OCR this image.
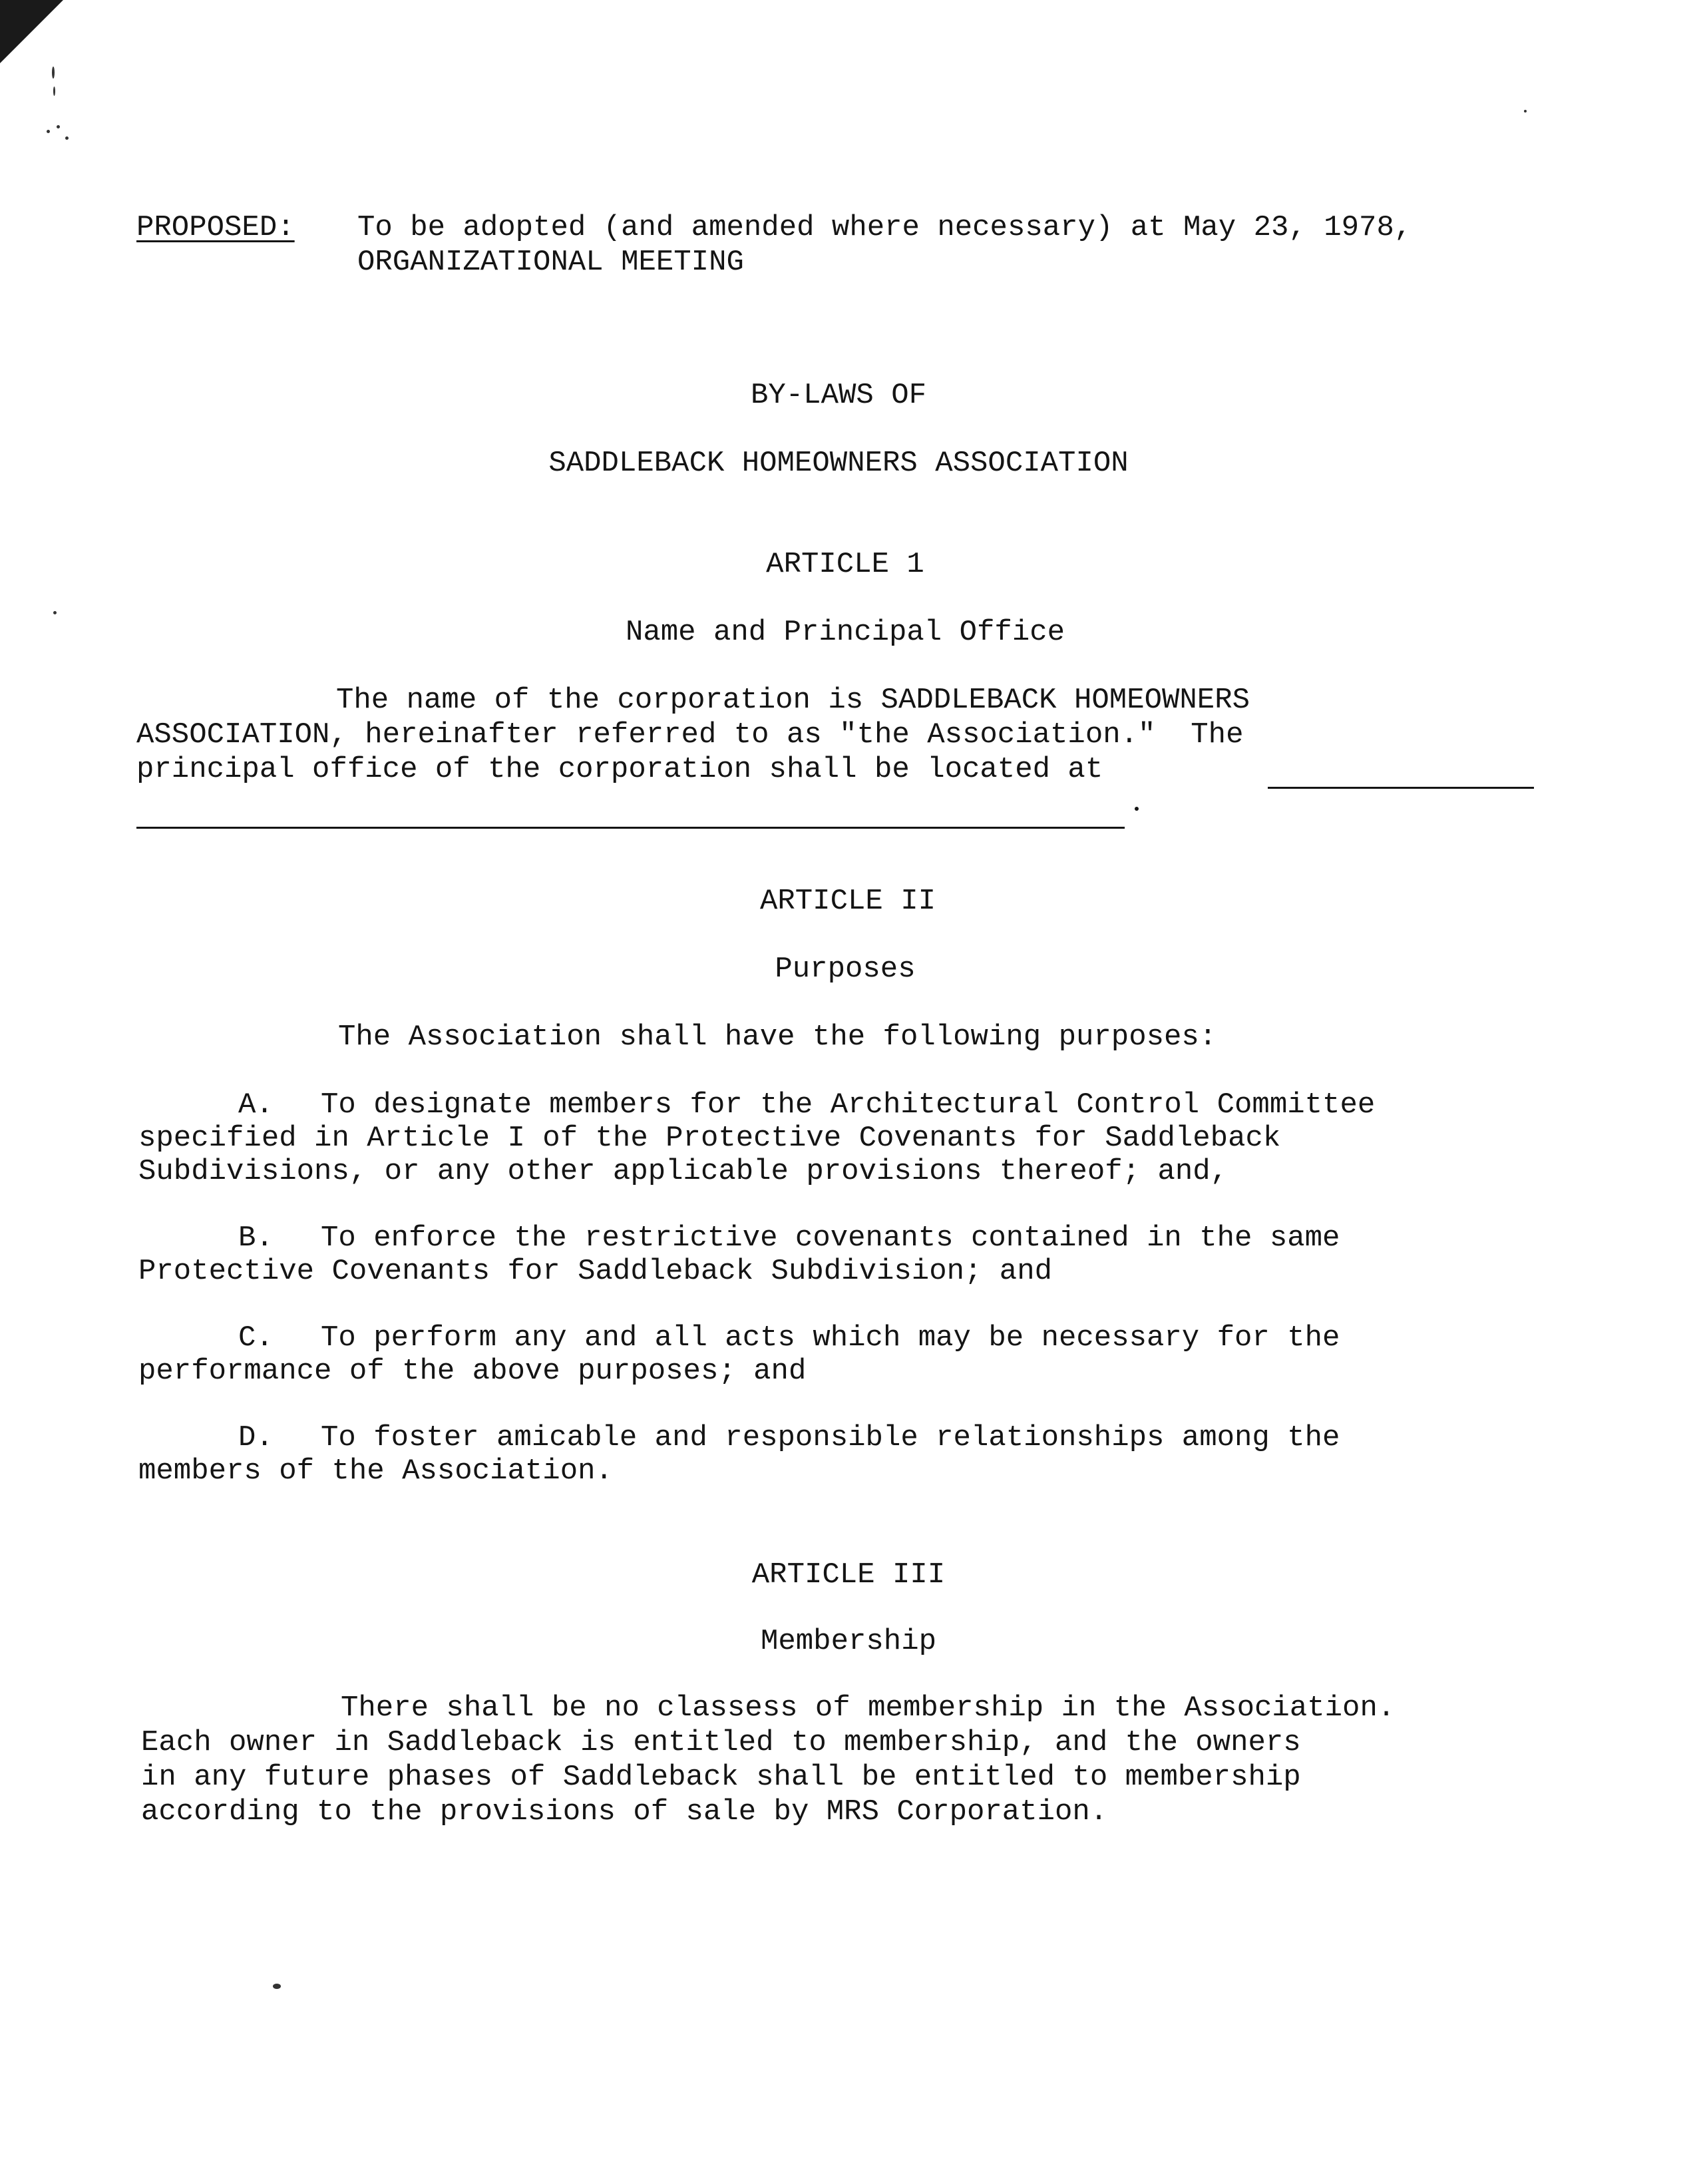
PROPOSED: To be adopted (and amended where necessary) at May 23, 1978,
ORGANIZATIONAL MEETING
BY-LAWS OF
SADDLEBACK HOMEOWNERS ASSOCIATION
ARTICLE 1
Name and Principal Office
The name of the corporation is SADDLEBACK HOMEOWNERS
ASSOCIATION, hereinafter referred to as "the Association."  The
principal office of the corporation shall be located at
ARTICLE II
Purposes
The Association shall have the following purposes:
A. To designate members for the Architectural Control Committee
specified in Article I of the Protective Covenants for Saddleback
Subdivisions, or any other applicable provisions thereof; and,
B. To enforce the restrictive covenants contained in the same
Protective Covenants for Saddleback Subdivision; and
C. To perform any and all acts which may be necessary for the
performance of the above purposes; and
D. To foster amicable and responsible relationships among the
members of the Association.
ARTICLE III
Membership
There shall be no classess of membership in the Association.
Each owner in Saddleback is entitled to membership, and the owners
in any future phases of Saddleback shall be entitled to membership
according to the provisions of sale by MRS Corporation.
